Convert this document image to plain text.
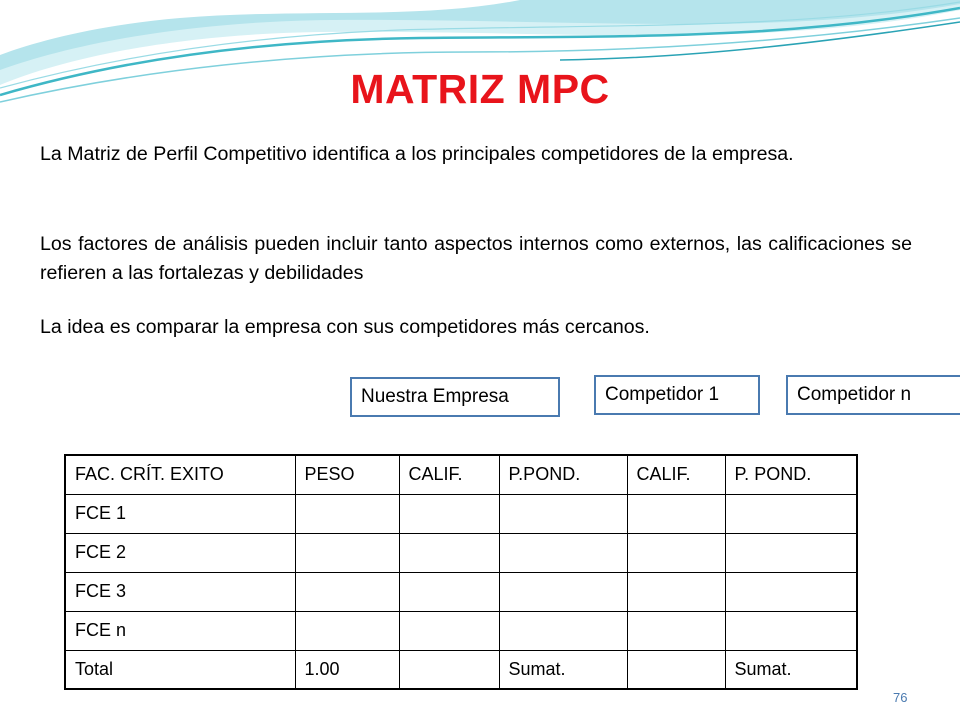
MATRIZ MPC

La Matriz de Perfil Competitivo identifica a los principales competidores de la empresa.

Los factores de análisis pueden incluir tanto aspectos internos como externos, las calificaciones se refieren a las fortalezas y debilidades

La idea es comparar la empresa con sus competidores más cercanos.

Nuestra Empresa	Competidor 1	Competidor n
FAC. CRÍT. EXITO	PESO	CALIF.	P.POND.	CALIF.	P. POND.
FCE 1					
FCE 2					
FCE 3					
FCE n					
Total	1.00		Sumat.		Sumat.
76
